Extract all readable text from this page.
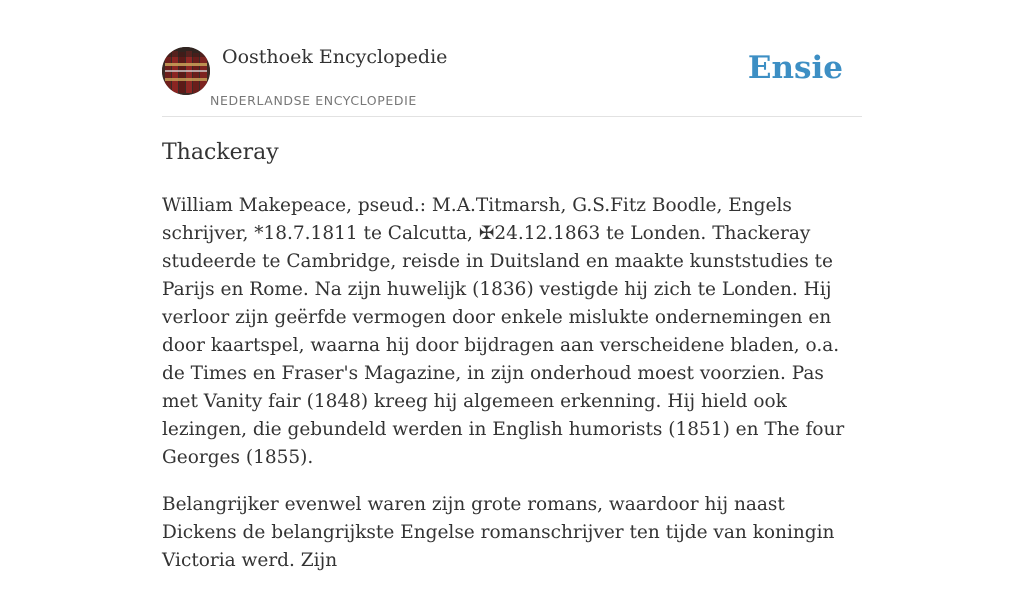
Oosthoek Encyclopedie
NEDERLANDSE ENCYCLOPEDIE
Ensie
Thackeray

William Makepeace, pseud.: M.A.Titmarsh, G.S.Fitz Boodle, Engels schrijver, *18.7.1811 te Calcutta, ✠24.12.1863 te Londen. Thackeray studeerde te Cambridge, reisde in Duitsland en maakte kunststudies te Parijs en Rome. Na zijn huwelijk (1836) vestigde hij zich te Londen. Hij verloor zijn geërfde vermogen door enkele mislukte ondernemingen en door kaartspel, waarna hij door bijdragen aan verscheidene bladen, o.a. de Times en Fraser's Magazine, in zijn onderhoud moest voorzien. Pas met Vanity fair (1848) kreeg hij algemeen erkenning. Hij hield ook lezingen, die gebundeld werden in English humorists (1851) en The four Georges (1855).

Belangrijker evenwel waren zijn grote romans, waardoor hij naast Dickens de belangrijkste Engelse romanschrijver ten tijde van koningin Victoria werd. Zijn
